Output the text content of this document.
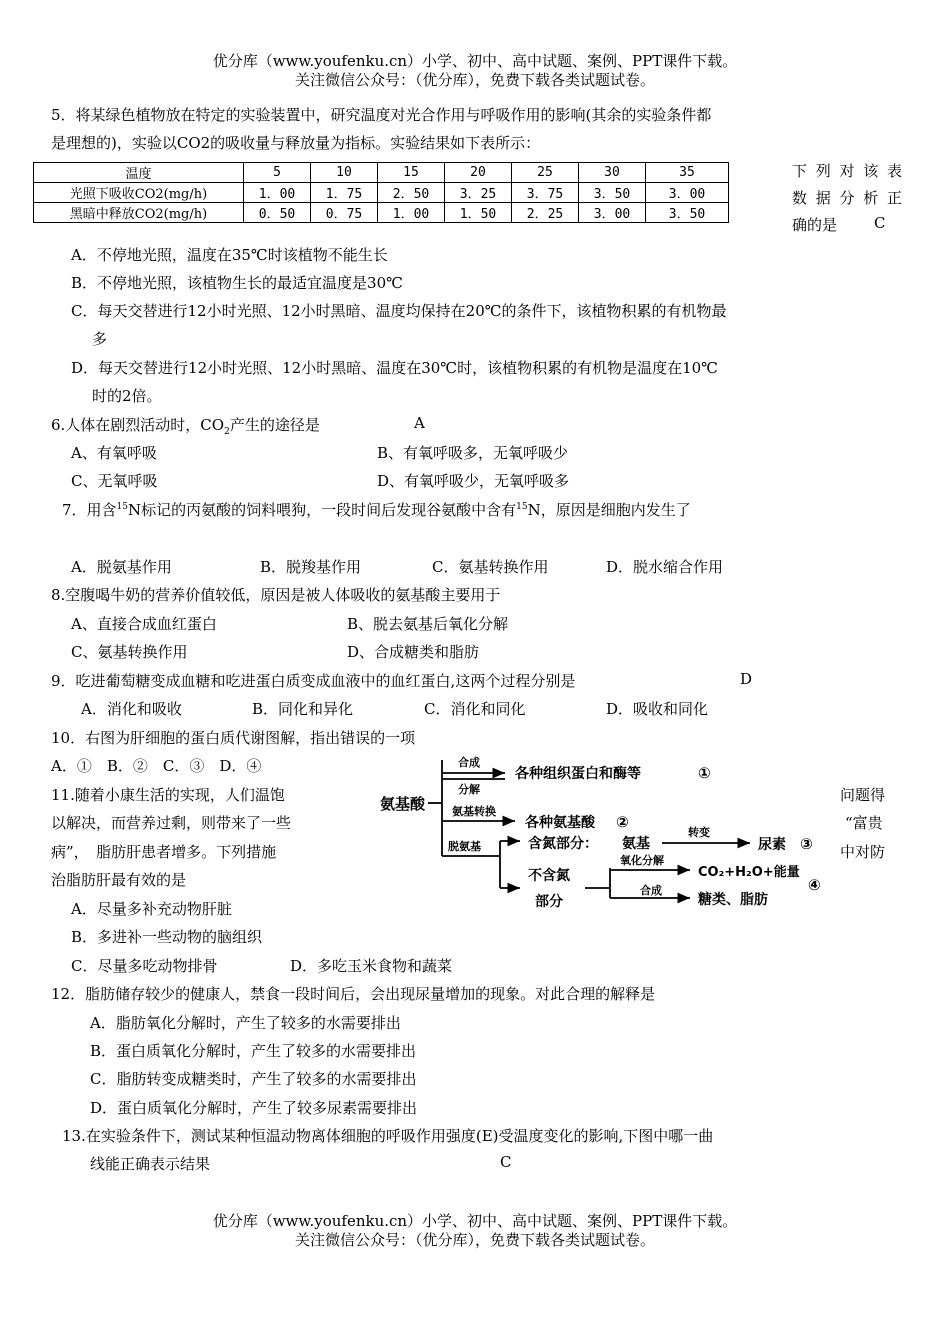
优分库（www.youfenku.cn）小学、初中、高中试题、案例、PPT课件下载。
关注微信公众号：（优分库），免费下载各类试题试卷。
5．将某绿色植物放在特定的实验装置中，研究温度对光合作用与呼吸作用的影响(其余的实验条件都
是理想的)，实验以CO2的吸收量与释放量为指标。实验结果如下表所示：
温度	5	10	15	20	25	30	35
光照下吸收CO2(mg/h)	1．00	1．75	2．50	3．25	3．75	3．50	3．00
黑暗中释放CO2(mg/h)	0．50	0．75	1．00	1．50	2．25	3．00	3．50
下列对该表
数据分析正
确的是 C
A．不停地光照，温度在35℃时该植物不能生长
B．不停地光照，该植物生长的最适宜温度是30℃
C．每天交替进行12小时光照、12小时黑暗、温度均保持在20℃的条件下，该植物积累的有机物最
多
D．每天交替进行12小时光照、12小时黑暗、温度在30℃时，该植物积累的有机物是温度在10℃
时的2倍。
6.人体在剧烈活动时，$CO_2$产生的途径是	A
A、有氧呼吸	B、有氧呼吸多，无氧呼吸少
C、无氧呼吸	D、有氧呼吸少，无氧呼吸多
7．用含$^{15}$N标记的丙氨酸的饲料喂狗，一段时间后发现谷氨酸中含有$^{15}$N，原因是细胞内发生了
A．脱氨基作用	B．脱羧基作用	C．氨基转换作用	D．脱水缩合作用
8.空腹喝牛奶的营养价值较低，原因是被人体吸收的氨基酸主要用于
A、直接合成血红蛋白	B、脱去氨基后氧化分解
C、氨基转换作用	D、合成糖类和脂肪
9．吃进葡萄糖变成血糖和吃进蛋白质变成血液中的血红蛋白,这两个过程分别是	D
A．消化和吸收	B．同化和异化	C．消化和同化	D．吸收和同化
10．右图为肝细胞的蛋白质代谢图解，指出错误的一项
A．①　B．②　C．③　D．④
氨基酸
合成
分解
氨基转换
脱氨基
各种组织蛋白和酶等	①
各种氨基酸 ②
含氮部分： 氨基
转变
尿素 ③
不含氮
部分
氧化分解
CO₂+H₂O+能量
合成
糖类、脂肪
④
11.随着小康生活的实现，人们温饱	问题得
以解决，而营养过剩，则带来了一些	“富贵
病”，　脂肪肝患者增多。下列措施	中对防
治脂肪肝最有效的是
A．尽量多补充动物肝脏
B．多进补一些动物的脑组织
C．尽量多吃动物排骨	D．多吃玉米食物和蔬菜
12．脂肪储存较少的健康人，禁食一段时间后，会出现尿量增加的现象。对此合理的解释是
A．脂肪氧化分解时，产生了较多的水需要排出
B．蛋白质氧化分解时，产生了较多的水需要排出
C．脂肪转变成糖类时，产生了较多的水需要排出
D．蛋白质氧化分解时，产生了较多尿素需要排出
13.在实验条件下，测试某种恒温动物离体细胞的呼吸作用强度(E)受温度变化的影响,下图中哪一曲
线能正确表示结果	C
优分库（www.youfenku.cn）小学、初中、高中试题、案例、PPT课件下载。
关注微信公众号：（优分库），免费下载各类试题试卷。
